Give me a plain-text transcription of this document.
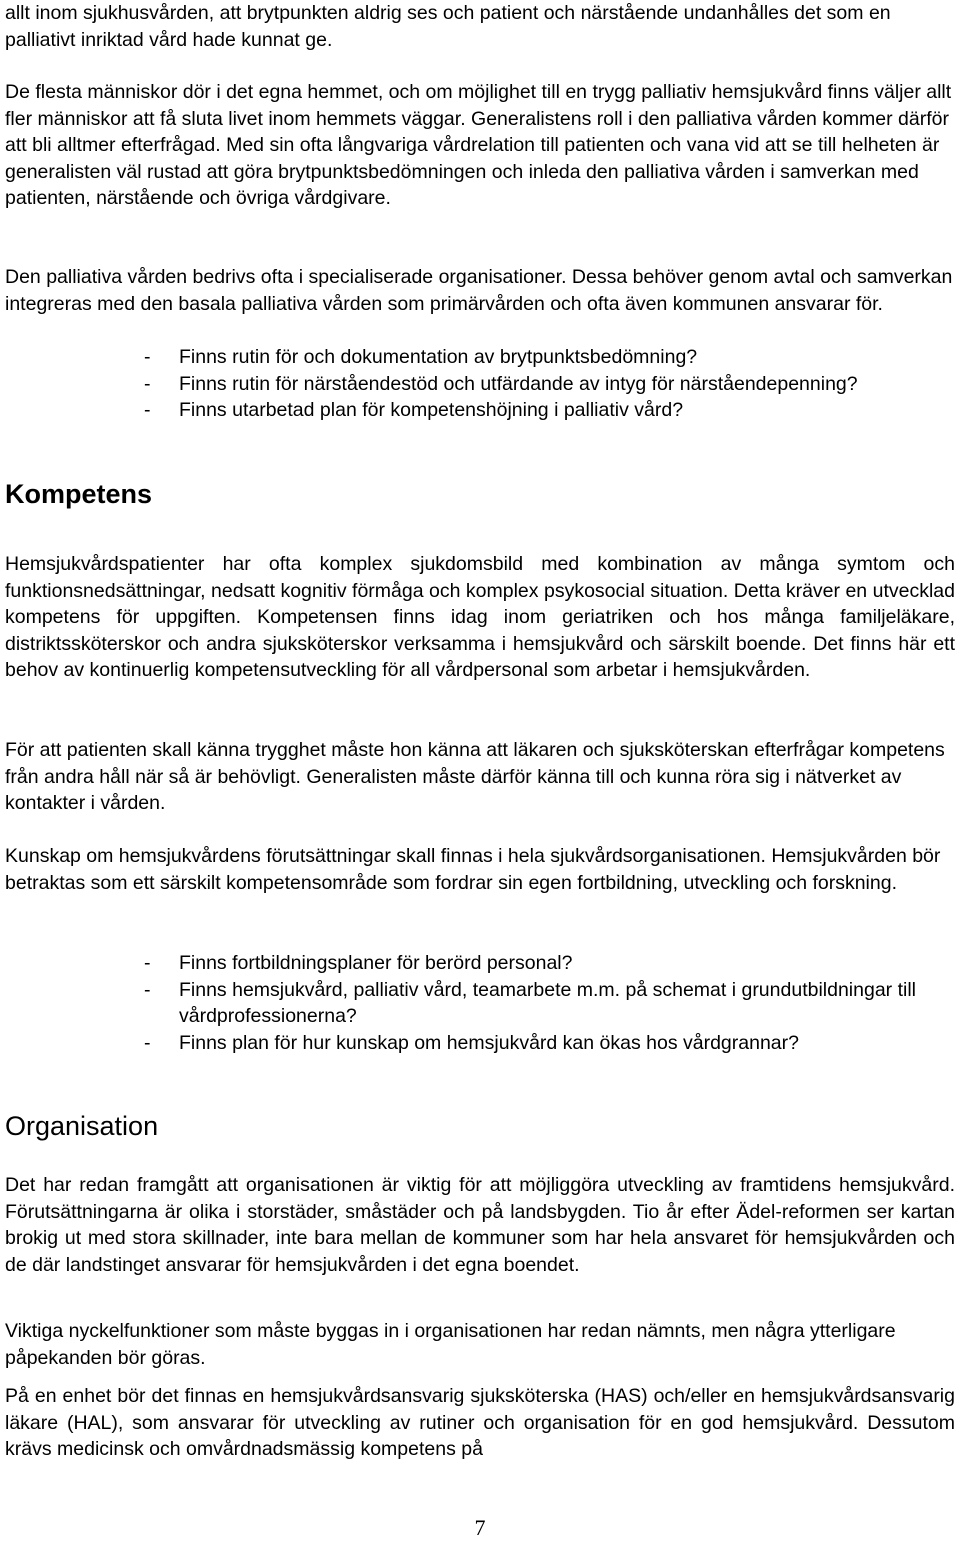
allt inom sjukhusvården, att brytpunkten aldrig ses och patient och närstående undanhålles det som en palliativt inriktad vård hade kunnat ge.

De flesta människor dör i det egna hemmet, och om möjlighet till en trygg palliativ hemsjukvård finns väljer allt fler människor att få sluta livet inom hemmets väggar. Generalistens roll i den palliativa vården kommer därför att bli alltmer efterfrågad. Med sin ofta långvariga vårdrelation till patienten och vana vid att se till helheten är generalisten väl rustad att göra brytpunktsbedömningen och inleda den palliativa vården i samverkan med patienten, närstående och övriga vårdgivare.

Den palliativa vården bedrivs ofta i specialiserade organisationer. Dessa behöver genom avtal och samverkan integreras med den basala palliativa vården som primärvården och ofta även kommunen ansvarar för.

- Finns rutin för och dokumentation av brytpunktsbedömning?
- Finns rutin för närståendestöd och utfärdande av intyg för närståendepenning?
- Finns utarbetad plan för kompetenshöjning i palliativ vård?
Kompetens

Hemsjukvårdspatienter har ofta komplex sjukdomsbild med kombination av många symtom och funktionsnedsättningar, nedsatt kognitiv förmåga och komplex psykosocial situation. Detta kräver en utvecklad kompetens för uppgiften. Kompetensen finns idag inom geriatriken och hos många familjeläkare, distriktssköterskor och andra sjuksköterskor verksamma i hemsjukvård och särskilt boende. Det finns här ett behov av kontinuerlig kompetensutveckling för all vårdpersonal som arbetar i hemsjukvården.

För att patienten skall känna trygghet måste hon känna att läkaren och sjuksköterskan efterfrågar kompetens från andra håll när så är behövligt. Generalisten måste därför känna till och kunna röra sig i nätverket av kontakter i vården.

Kunskap om hemsjukvårdens förutsättningar skall finnas i hela sjukvårdsorganisationen. Hemsjukvården bör betraktas som ett särskilt kompetensområde som fordrar sin egen fortbildning, utveckling och forskning.

- Finns fortbildningsplaner för berörd personal?
- Finns hemsjukvård, palliativ vård, teamarbete m.m. på schemat i grundutbildningar till vårdprofessionerna?
- Finns plan för hur kunskap om hemsjukvård kan ökas hos vårdgrannar?
Organisation

Det har redan framgått att organisationen är viktig för att möjliggöra utveckling av framtidens hemsjukvård. Förutsättningarna är olika i storstäder, småstäder och på landsbygden. Tio år efter Ädel-reformen ser kartan brokig ut med stora skillnader, inte bara mellan de kommuner som har hela ansvaret för hemsjukvården och de där landstinget ansvarar för hemsjukvården i det egna boendet.

Viktiga nyckelfunktioner som måste byggas in i organisationen har redan nämnts, men några ytterligare påpekanden bör göras.

På en enhet bör det finnas en hemsjukvårdsansvarig sjuksköterska (HAS) och/eller en hemsjukvårdsansvarig läkare (HAL), som ansvarar för utveckling av rutiner och organisation för en god hemsjukvård. Dessutom krävs medicinsk och omvårdnadsmässig kompetens på

7
